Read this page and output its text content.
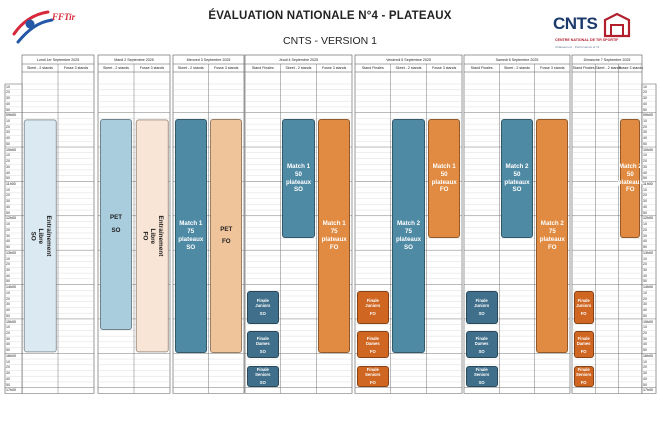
FFTir	ÉVALUATION NATIONALE N°4 - PLATEAUX
CNTS - VERSION 1
CNTS
CENTRE NATIONAL DE TIR SPORTIF
Châteauroux · Performance et Tir
Lundi 1er Septembre 2025
Skeet - 2 stands	Fosse 3 stands
Mardi 2 Septembre 2025
Skeet - 2 stands	Fosse 3 stands
Mercred 3 Septembre 2025
Skeet - 2 stands	Fosse 3 stands
Jeudi 4 Septembre 2025
Stand Finales	Skeet - 2 stands	Fosse 3 stands
Vendredi 5 Septembre 2025
Stand Finales	Skeet - 2 stands	Fosse 3 stands
Samedi 6 Septembre 2025
Stand Finales	Skeet - 2 stands	Fosse 3 stands
Dimanche 7 Septembre 2025
Stand Finales Skeet - 2 stands
Fosse 3 stands
10
20
30
40
50
09h00
10
20
30
40
50
10h00
10
20
30
40
50
11h00
10
20
30
40
50
12h00
10
20
30
40
50
13h00
10
20
30
40
50
14h00
10
20
30
40
50
15h00
10
20
30
40
50
16h00
10
20
30
40
50
17h00
10
20
30
40
50
09h00
10
20
30
40
50
10h00
10
20
30
40
50
11h00
10
20
30
40
50
12h00
10
20
30
40
50
13h00
10
20
30
40
50
14h00
10
20
30
40
50
15h00
10
20
30
40
50
16h00
10
20
30
40
50
17h00
Entraînement
Libre
SO
PET
SO	Entraînement
Libre
FO
Match 1
75
plateaux
SO
PET
FO
Match 1
50
plateaux
SO
Match 1
75
plateaux
FO
Finale
Juniors
SO
Finale
Dames
SO
Finale
Seniors
SO
Match 2
75
plateaux
SO
Match 1
50
plateaux
FO
Finale
Juniors
FO
Finale
Dames
FO
Finale
Seniors
FO
Match 2
50
plateaux
SO
Match 2
75
plateaux
FO
Finale
Juniors
SO
Finale
Dames
SO
Finale
Seniors
SO
Match 2
50
plateaux
FO
Finale
Juniors
FO
Finale
Dames
FO
Finale
Seniors
FO
